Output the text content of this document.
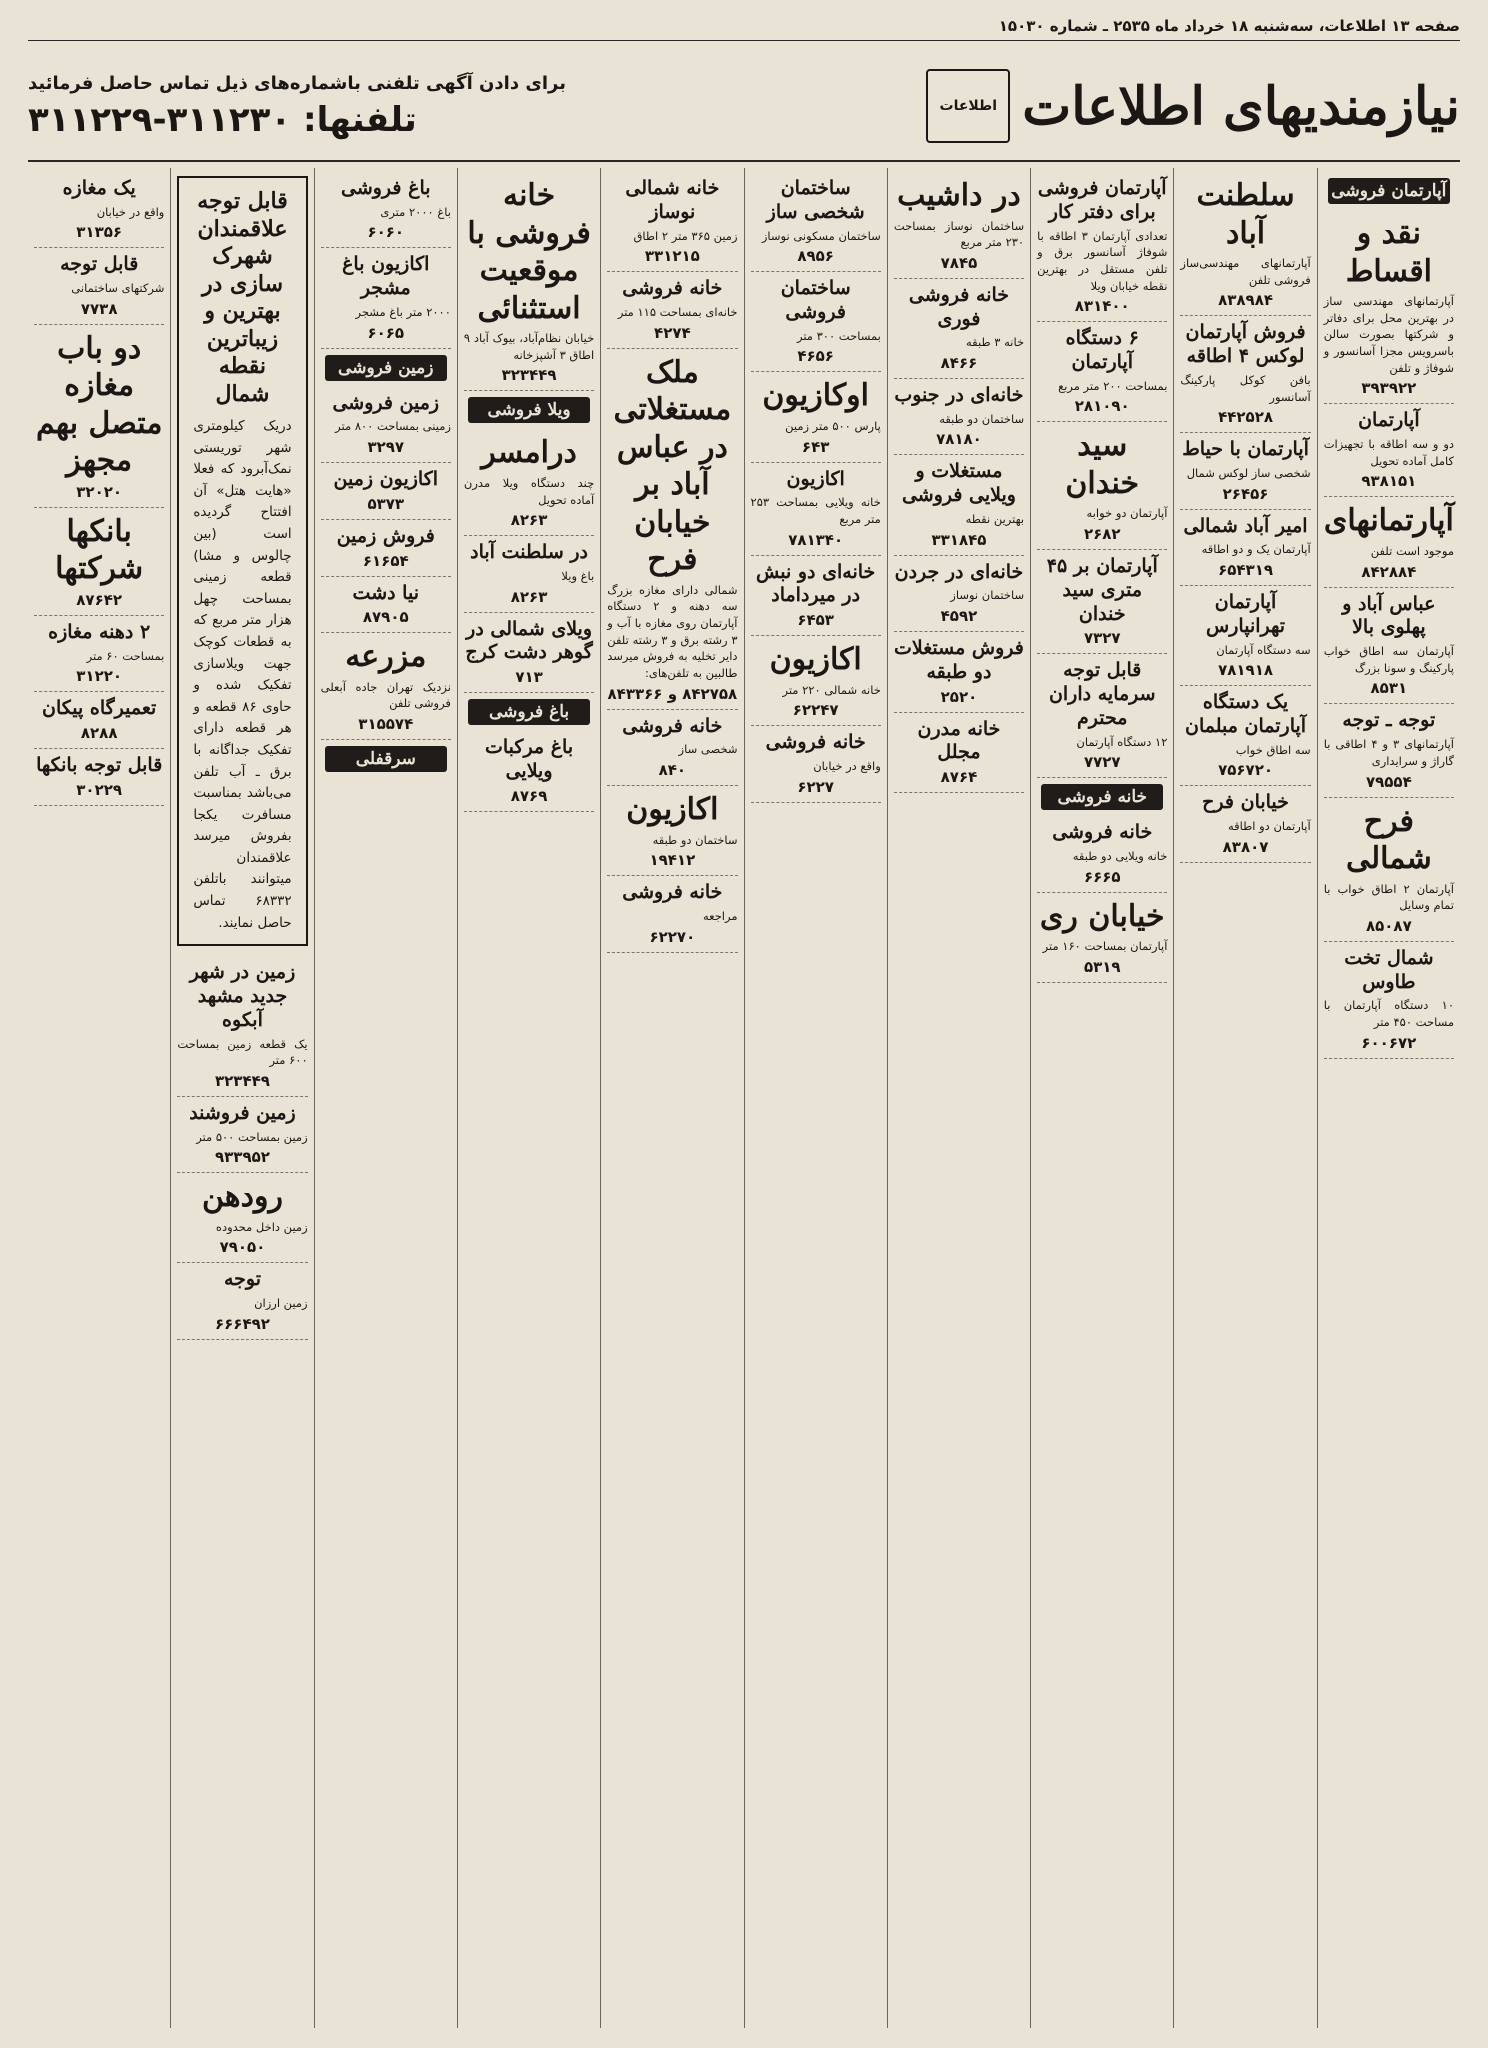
صفحه ۱۳ اطلاعات، سه‌شنبه ۱۸ خرداد ماه ۲۵۳۵ ـ شماره ۱۵۰۳۰
نیازمندیهای اطلاعات
اطلاعات
برای دادن آگهی تلفنی باشماره‌های ذیل تماس حاصل فرمائید
تلفنها: ۳۱۱۲۳۰-۳۱۱۲۲۹
آپارتمان فروشی
نقد و اقساط

آپارتمانهای مهندسی ساز در بهترین محل برای دفاتر و شرکتها بصورت سالن باسرویس مجزا آسانسور و شوفاژ و تلفن

۳۹۳۹۲۲
آپارتمان

دو و سه اطاقه با تجهیزات کامل آماده تحویل

۹۳۸۱۵۱
آپارتمانهای

موجود است تلفن

۸۴۲۸۸۴
عباس آباد و پهلوی بالا

آپارتمان سه اطاق خواب پارکینگ و سونا بزرگ

۸۵۳۱
توجه ـ توجه

آپارتمانهای ۳ و ۴ اطاقی با گاراژ و سرایداری

۷۹۵۵۴
فرح شمالی

آپارتمان ۲ اطاق خواب با تمام وسایل

۸۵۰۸۷
شمال تخت طاوس

۱۰ دستگاه آپارتمان با مساحت ۴۵۰ متر

۶۰۰۶۷۲
سلطنت آباد

آپارتمانهای مهندسی‌ساز فروشی تلفن

۸۳۸۹۸۴
فروش آپارتمان لوکس ۴ اطاقه

بافن کوکل پارکینگ آسانسور

۴۴۲۵۲۸
آپارتمان با حیاط

شخصی ساز لوکس شمال

۲۶۴۵۶
امیر آباد شمالی

آپارتمان یک و دو اطاقه

۶۵۴۳۱۹
آپارتمان تهرانپارس

سه دستگاه آپارتمان

۷۸۱۹۱۸
یک دستگاه آپارتمان مبلمان

سه اطاق خواب

۷۵۶۷۲۰
خیابان فرح

آپارتمان دو اطاقه

۸۳۸۰۷
آپارتمان فروشی برای دفتر کار

تعدادی آپارتمان ۳ اطاقه با شوفاژ آسانسور برق و تلفن مستقل در بهترین نقطه خیابان ویلا

۸۳۱۴۰۰
۶ دستگاه آپارتمان

بمساحت ۲۰۰ متر مربع

۲۸۱۰۹۰
سید خندان

آپارتمان دو خوابه

۲۶۸۲
آپارتمان بر ۴۵ متری سید خندان
۷۳۲۷
قابل توجه سرمایه داران محترم

۱۲ دستگاه آپارتمان

۷۷۲۷
خانه فروشی
خانه فروشی

خانه ویلایی دو طبقه

۶۶۶۵
خیابان ری

آپارتمان بمساحت ۱۶۰ متر

۵۳۱۹
در داشیب

ساختمان نوساز بمساحت ۲۳۰ متر مربع

۷۸۴۵
خانه فروشی فوری

خانه ۳ طبقه

۸۴۶۶
خانه‌ای در جنوب

ساختمان دو طبقه

۷۸۱۸۰
مستغلات و ویلایی فروشی

بهترین نقطه

۳۳۱۸۴۵
خانه‌ای در جردن

ساختمان نوساز

۴۵۹۲
فروش مستغلات دو طبقه
۲۵۲۰
خانه مدرن مجلل
۸۷۶۴
ساختمان شخصی ساز

ساختمان مسکونی نوساز

۸۹۵۶
ساختمان فروشی

بمساحت ۳۰۰ متر

۴۶۵۶
اوکازیون

پارس ۵۰۰ متر زمین

۶۴۳
اکازیون

خانه ویلایی بمساحت ۲۵۳ متر مربع

۷۸۱۳۴۰
خانه‌ای دو نبش در میرداماد
۶۴۵۳
اکازیون

خانه شمالی ۲۲۰ متر

۶۲۲۴۷
خانه فروشی

واقع در خیابان

۶۲۲۷
خانه شمالی نوساز

زمین ۳۶۵ متر ۲ اطاق

۳۳۱۲۱۵
خانه فروشی

خانه‌ای بمساحت ۱۱۵ متر

۴۲۷۴
ملک مستغلاتی در عباس آباد بر خیابان فرح

شمالی دارای مغازه بزرگ سه دهنه و ۲ دستگاه آپارتمان روی مغازه با آب و ۳ رشته برق و ۳ رشته تلفن دایر تخلیه به فروش میرسد طالبین به تلفن‌های:

۸۴۲۷۵۸ و ۸۴۳۳۶۶
خانه فروشی

شخصی ساز

۸۴۰
اکازیون

ساختمان دو طبقه

۱۹۴۱۲
خانه فروشی

مراجعه

۶۲۲۷۰
خانه فروشی با موقعیت استثنائی

خیابان نظام‌آباد، بیوک آباد ۹ اطاق ۳ آشپزخانه

۳۲۳۴۴۹
ویلا فروشی
درامسر

چند دستگاه ویلا مدرن آماده تحویل

۸۲۶۳
در سلطنت آباد

باغ ویلا

۸۲۶۳
ویلای شمالی در گوهر دشت کرج
۷۱۳
باغ فروشی
باغ مرکبات ویلایی
۸۷۶۹
باغ فروشی

باغ ۲۰۰۰ متری

۶۰۶۰
اکازیون باغ مشجر

۲۰۰۰ متر باغ مشجر

۶۰۶۵
زمین فروشی
زمین فروشی

زمینی بمساحت ۸۰۰ متر

۳۲۹۷
اکازیون زمین
۵۳۷۳
فروش زمین
۶۱۶۵۴
نیا دشت
۸۷۹۰۵
مزرعه

نزدیک تهران جاده آبعلی فروشی تلفن

۳۱۵۵۷۴
سرقفلی
قابل توجه علاقمندان شهرک سازی در بهترین و زیباترین نقطه شمال

دریک کیلومتری شهر توریستی نمک‌آبرود که فعلا «هایت هتل» آن افتتاح گردیده است (بین چالوس و مشا) قطعه زمینی بمساحت چهل هزار متر مربع که به قطعات کوچک جهت ویلاسازی تفکیک شده و حاوی ۸۶ قطعه و هر قطعه دارای تفکیک جداگانه با برق ـ آب تلفن می‌باشد بمناسبت مسافرت یکجا بفروش میرسد علاقمندان میتوانند باتلفن ۶۸۳۳۲ تماس حاصل نمایند.

زمین در شهر جدید مشهد آبکوه

یک قطعه زمین بمساحت ۶۰۰ متر

۳۲۳۴۴۹
زمین فروشند

زمین بمساحت ۵۰۰ متر

۹۳۳۹۵۲
رودهن

زمین داخل محدوده

۷۹۰۵۰
توجه

زمین ارزان

۶۶۶۴۹۲
یک مغازه

واقع در خیابان

۳۱۳۵۶
قابل توجه

شرکتهای ساختمانی

۷۷۳۸
دو باب مغازه متصل بهم مجهز
۳۲۰۲۰
بانکها شرکتها
۸۷۶۴۲
۲ دهنه مغازه

بمساحت ۶۰ متر

۳۱۲۲۰
تعمیرگاه پیکان
۸۲۸۸
قابل توجه بانکها
۳۰۲۲۹
